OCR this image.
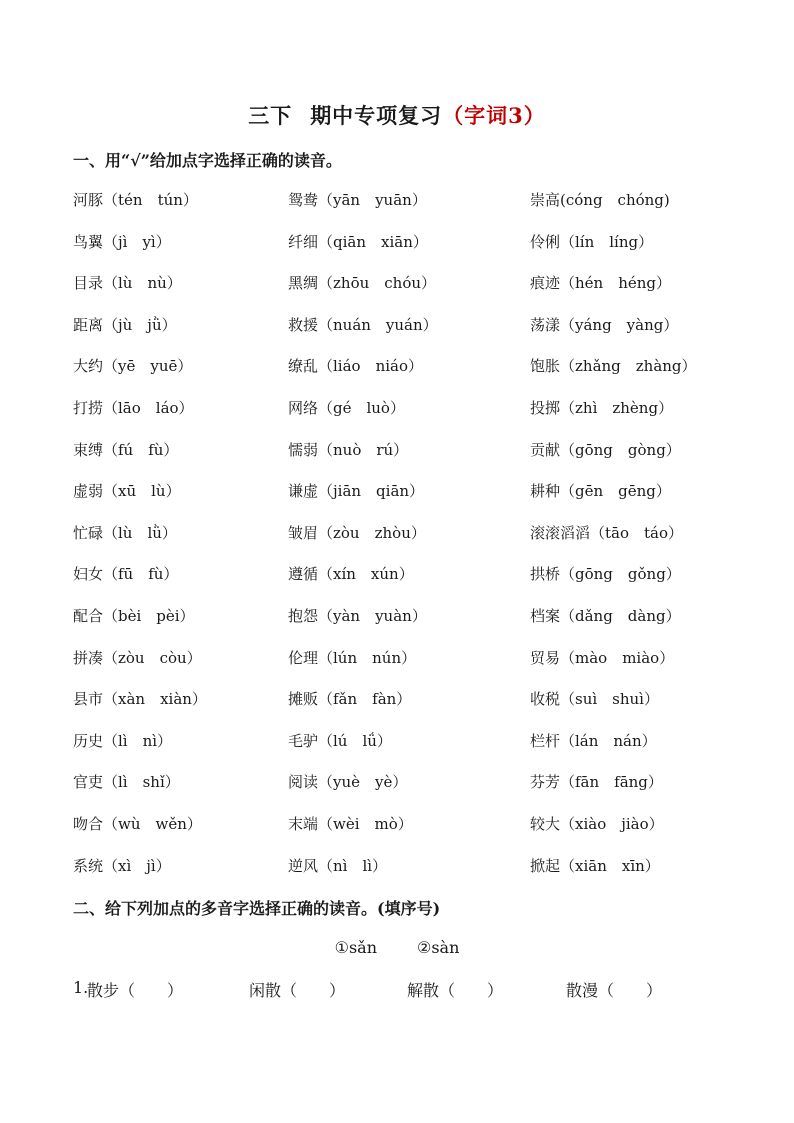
三下 期中专项复习（字词3）
一、用“√”给加点字选择正确的读音。
河豚（tén　tún）	鸳鸯（yān　yuān）	崇高(cóng　chóng)
鸟翼（jì　yì）	纤细（qiān　xiān）	伶俐（lín　líng）
目录（lù　nù）	黑绸（zhōu　chóu）	痕迹（hén　héng）
距离（jù　jǜ）	救援（nuán　yuán）	荡漾（yáng　yàng）
大约（yē　yuē）	缭乱（liáo　niáo）	饱胀（zhǎng　zhàng）
打捞（lāo　láo）	网络（gé　luò）	投掷（zhì　zhèng）
束缚（fú　fù）	懦弱（nuò　rú）	贡献（gōng　gòng）
虚弱（xū　lù）	谦虚（jiān　qiān）	耕种（gēn　gēng）
忙碌（lù　lǜ）	皱眉（zòu　zhòu）	滚滚滔滔（tāo　táo）
妇女（fū　fù）	遵循（xín　xún）	拱桥（gōng　gǒng）
配合（bèi　pèi）	抱怨（yàn　yuàn）	档案（dǎng　dàng）
拼凑（zòu　còu）	伦理（lún　nún）	贸易（mào　miào）
县市（xàn　xiàn）	摊贩（fǎn　fàn）	收税（suì　shuì）
历史（lì　nì）	毛驴（lú　lǘ）	栏杆（lán　nán）
官吏（lì　shǐ）	阅读（yuè　yè）	芬芳（fān　fāng）
吻合（wù　wěn）	末端（wèi　mò）	较大（xiào　jiào）
系统（xì　jì）	逆风（nì　lì）	掀起（xiān　xīn）
二、给下列加点的多音字选择正确的读音。(填序号)
①sǎn	②sàn
1.
散步（　　）	闲散（　　）	解散（　　）	散漫（　　）
